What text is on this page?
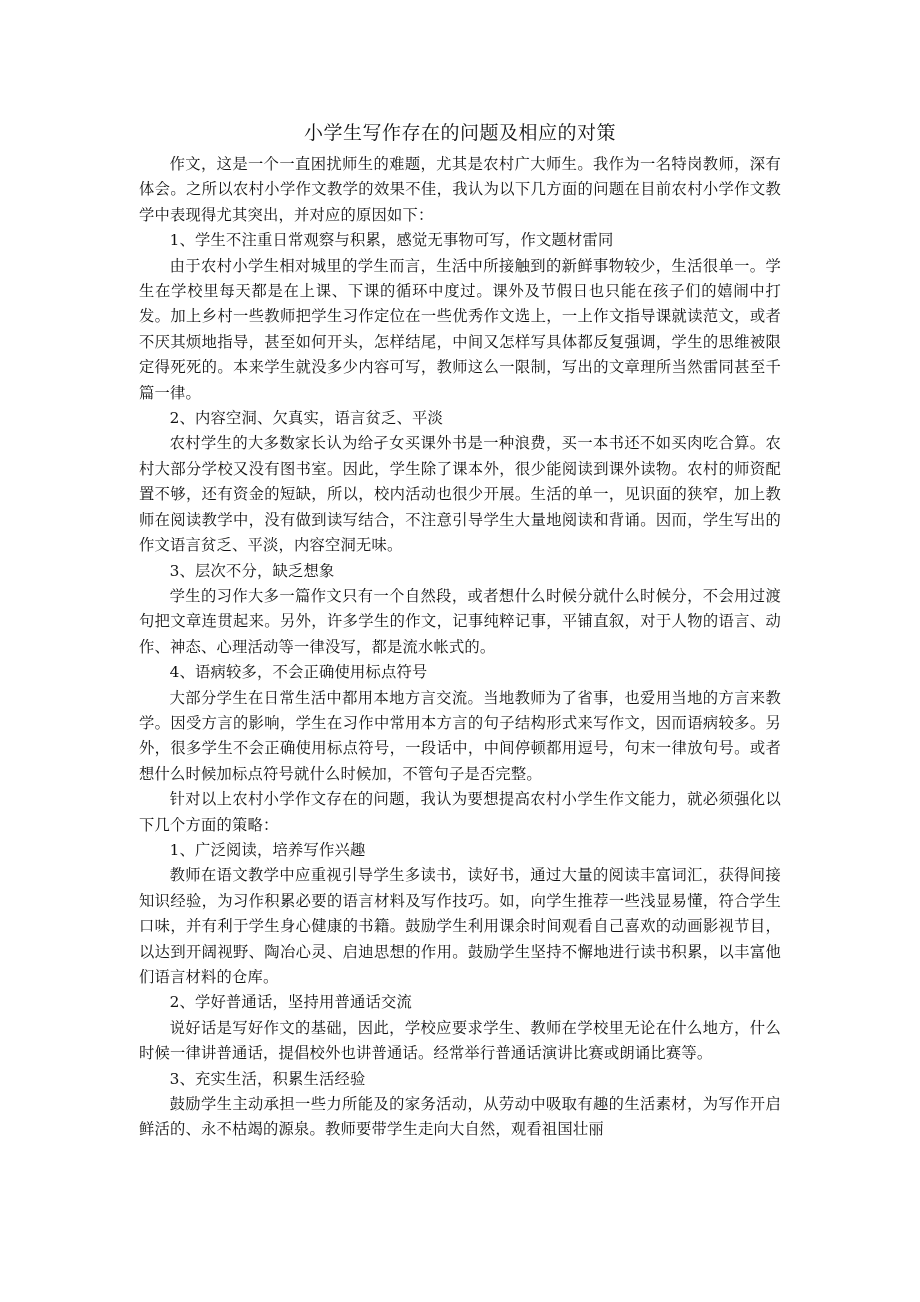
小学生写作存在的问题及相应的对策

作文，这是一个一直困扰师生的难题，尤其是农村广大师生。我作为一名特岗教师，深有体会。之所以农村小学作文教学的效果不佳，我认为以下几方面的问题在目前农村小学作文教学中表现得尤其突出，并对应的原因如下：

1、学生不注重日常观察与积累，感觉无事物可写，作文题材雷同

由于农村小学生相对城里的学生而言，生活中所接触到的新鲜事物较少，生活很单一。学生在学校里每天都是在上课、下课的循环中度过。课外及节假日也只能在孩子们的嬉闹中打发。加上乡村一些教师把学生习作定位在一些优秀作文选上，一上作文指导课就读范文，或者不厌其烦地指导，甚至如何开头，怎样结尾，中间又怎样写具体都反复强调，学生的思维被限定得死死的。本来学生就没多少内容可写，教师这么一限制，写出的文章理所当然雷同甚至千篇一律。

2、内容空洞、欠真实，语言贫乏、平淡

农村学生的大多数家长认为给孑女买课外书是一种浪费，买一本书还不如买肉吃合算。农村大部分学校又没有图书室。因此，学生除了课本外，很少能阅读到课外读物。农村的师资配置不够，还有资金的短缺，所以，校内活动也很少开展。生活的单一，见识面的狭窄，加上教师在阅读教学中，没有做到读写结合，不注意引导学生大量地阅读和背诵。因而，学生写出的作文语言贫乏、平淡，内容空洞无味。

3、层次不分，缺乏想象

学生的习作大多一篇作文只有一个自然段，或者想什么时候分就什么时候分，不会用过渡句把文章连贯起来。另外，许多学生的作文，记事纯粹记事，平铺直叙，对于人物的语言、动作、神态、心理活动等一律没写，都是流水帐式的。

4、语病较多，不会正确使用标点符号

大部分学生在日常生活中都用本地方言交流。当地教师为了省事，也爱用当地的方言来教学。因受方言的影响，学生在习作中常用本方言的句子结构形式来写作文，因而语病较多。另外，很多学生不会正确使用标点符号，一段话中，中间停顿都用逗号，句末一律放句号。或者想什么时候加标点符号就什么时候加，不管句子是否完整。

针对以上农村小学作文存在的问题，我认为要想提高农村小学生作文能力，就必须强化以下几个方面的策略：

1、广泛阅读，培养写作兴趣

教师在语文教学中应重视引导学生多读书，读好书，通过大量的阅读丰富词汇，获得间接知识经验，为习作积累必要的语言材料及写作技巧。如，向学生推荐一些浅显易懂，符合学生口味，并有利于学生身心健康的书籍。鼓励学生利用课余时间观看自己喜欢的动画影视节目，以达到开阔视野、陶冶心灵、启迪思想的作用。鼓励学生坚持不懈地进行读书积累，以丰富他们语言材料的仓库。

2、学好普通话，坚持用普通话交流

说好话是写好作文的基础，因此，学校应要求学生、教师在学校里无论在什么地方，什么时候一律讲普通话，提倡校外也讲普通话。经常举行普通话演讲比赛或朗诵比赛等。

3、充实生活，积累生活经验

鼓励学生主动承担一些力所能及的家务活动，从劳动中吸取有趣的生活素材，为写作开启鲜活的、永不枯竭的源泉。教师要带学生走向大自然，观看祖国壮丽
